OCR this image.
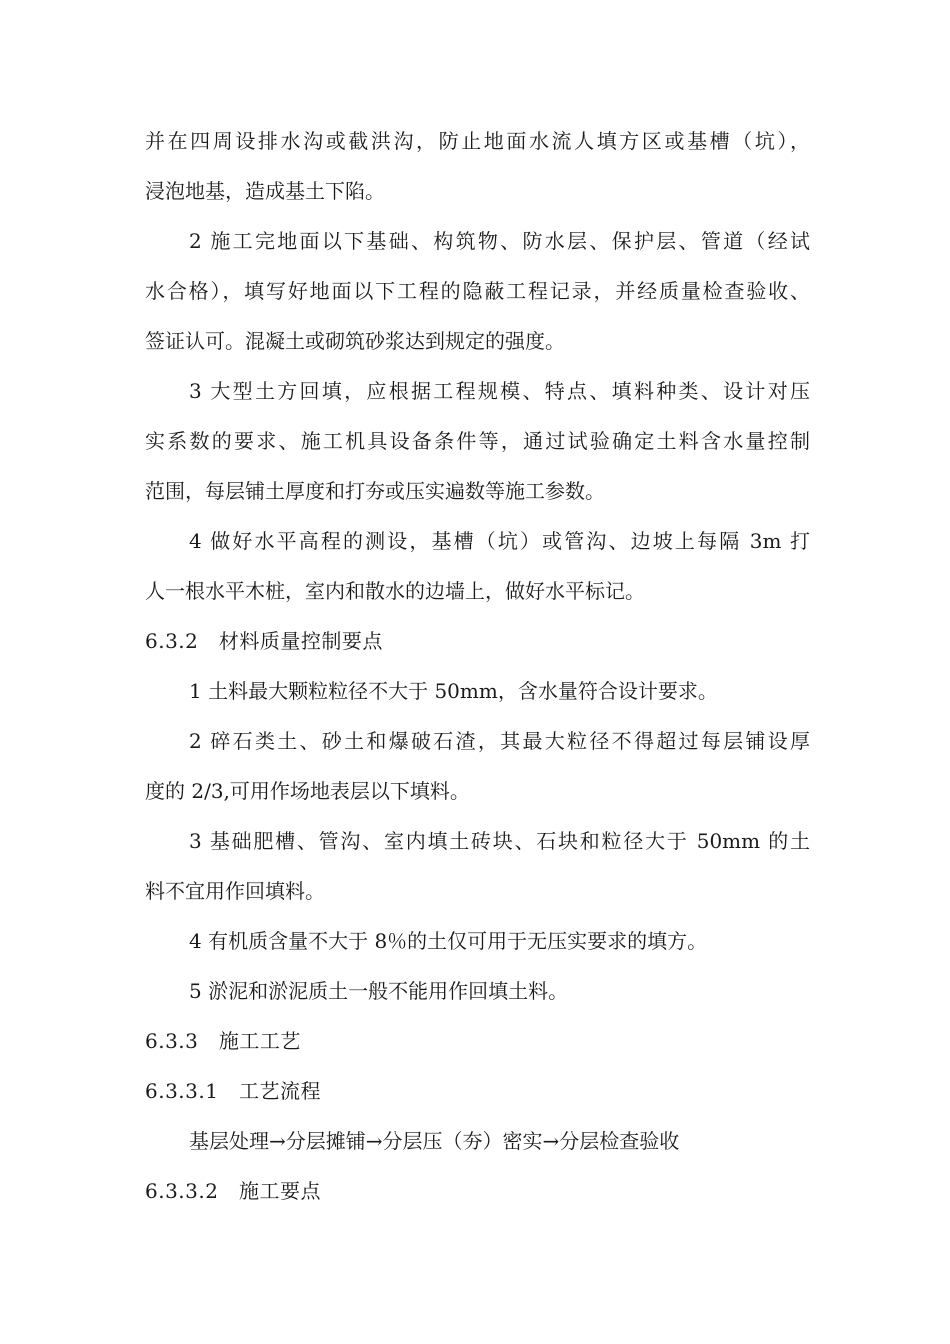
并在四周设排水沟或截洪沟，防止地面水流人填方区或基槽（坑），
浸泡地基，造成基土下陷。
2 施工完地面以下基础、构筑物、防水层、保护层、管道（经试
水合格），填写好地面以下工程的隐蔽工程记录，并经质量检查验收、
签证认可。混凝土或砌筑砂浆达到规定的强度。
3 大型土方回填，应根据工程规模、特点、填料种类、设计对压
实系数的要求、施工机具设备条件等，通过试验确定土料含水量控制
范围，每层铺土厚度和打夯或压实遍数等施工参数。
4 做好水平高程的测设，基槽（坑）或管沟、边坡上每隔 3m 打
人一根水平木桩，室内和散水的边墙上，做好水平标记。
6.3.2　材料质量控制要点
1 土料最大颗粒粒径不大于 50mm，含水量符合设计要求。
2 碎石类土、砂土和爆破石渣，其最大粒径不得超过每层铺设厚
度的 2/3,可用作场地表层以下填料。
3 基础肥槽、管沟、室内填土砖块、石块和粒径大于 50mm 的土
料不宜用作回填料。
4 有机质含量不大于 8％的土仅可用于无压实要求的填方。
5 淤泥和淤泥质土一般不能用作回填土料。
6.3.3　施工工艺
6.3.3.1　工艺流程
基层处理→分层摊铺→分层压（夯）密实→分层检查验收
6.3.3.2　施工要点
